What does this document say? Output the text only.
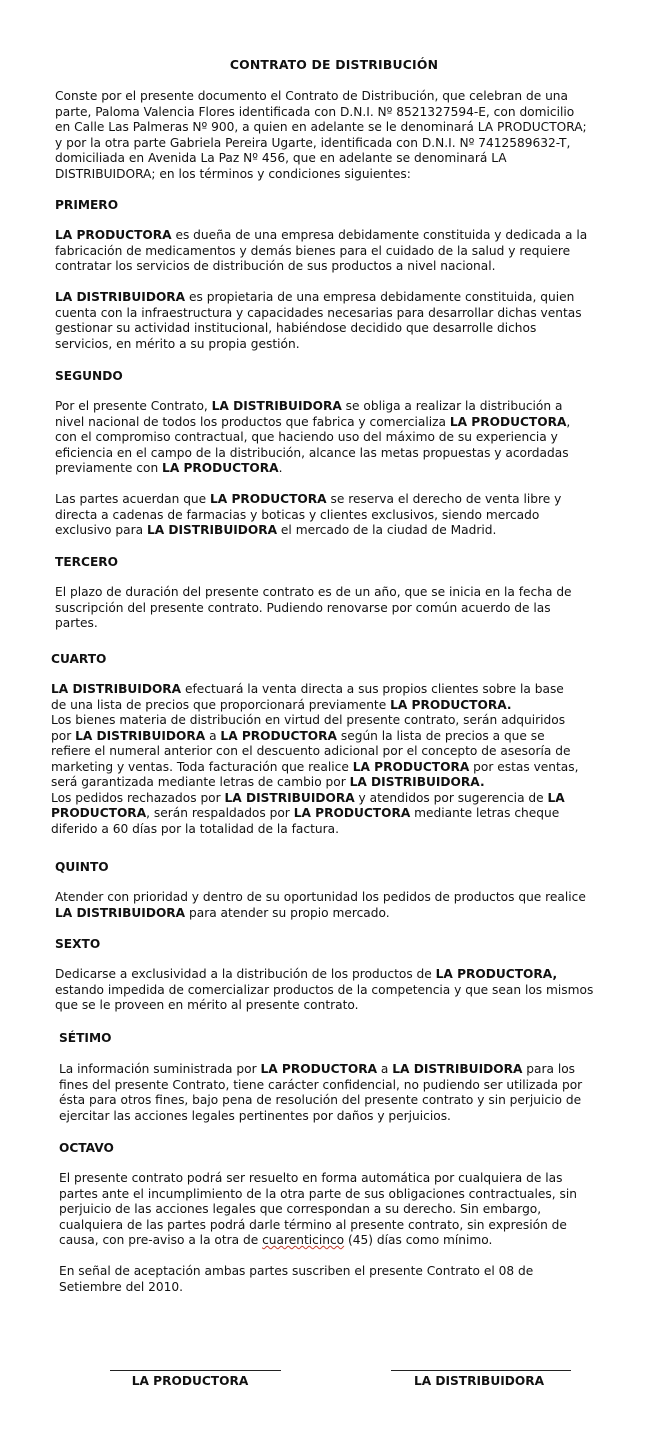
CONTRATO DE DISTRIBUCIÓN
Conste por el presente documento el Contrato de Distribución, que celebran de una
parte, Paloma Valencia Flores identificada con D.N.I. Nº 8521327594-E, con domicilio
en Calle Las Palmeras Nº 900, a quien en adelante se le denominará LA PRODUCTORA;
y por la otra parte Gabriela Pereira Ugarte, identificada con D.N.I. Nº 7412589632-T,
domiciliada en Avenida La Paz Nº 456, que en adelante se denominará LA
DISTRIBUIDORA; en los términos y condiciones siguientes:
PRIMERO
LA PRODUCTORA es dueña de una empresa debidamente constituida y dedicada a la
fabricación de medicamentos y demás bienes para el cuidado de la salud y requiere
contratar los servicios de distribución de sus productos a nivel nacional.
LA DISTRIBUIDORA es propietaria de una empresa debidamente constituida, quien
cuenta con la infraestructura y capacidades necesarias para desarrollar dichas ventas
gestionar su actividad institucional, habiéndose decidido que desarrolle dichos
servicios, en mérito a su propia gestión.
SEGUNDO
Por el presente Contrato, LA DISTRIBUIDORA se obliga a realizar la distribución a
nivel nacional de todos los productos que fabrica y comercializa LA PRODUCTORA,
con el compromiso contractual, que haciendo uso del máximo de su experiencia y
eficiencia en el campo de la distribución, alcance las metas propuestas y acordadas
previamente con LA PRODUCTORA.
Las partes acuerdan que LA PRODUCTORA se reserva el derecho de venta libre y
directa a cadenas de farmacias y boticas y clientes exclusivos, siendo mercado
exclusivo para LA DISTRIBUIDORA el mercado de la ciudad de Madrid.
TERCERO
El plazo de duración del presente contrato es de un año, que se inicia en la fecha de
suscripción del presente contrato. Pudiendo renovarse por común acuerdo de las
partes.
CUARTO
LA DISTRIBUIDORA efectuará la venta directa a sus propios clientes sobre la base
de una lista de precios que proporcionará previamente LA PRODUCTORA.
Los bienes materia de distribución en virtud del presente contrato, serán adquiridos
por LA DISTRIBUIDORA a LA PRODUCTORA según la lista de precios a que se
refiere el numeral anterior con el descuento adicional por el concepto de asesoría de
marketing y ventas. Toda facturación que realice LA PRODUCTORA por estas ventas,
será garantizada mediante letras de cambio por LA DISTRIBUIDORA.
Los pedidos rechazados por LA DISTRIBUIDORA y atendidos por sugerencia de LA
PRODUCTORA, serán respaldados por LA PRODUCTORA mediante letras cheque
diferido a 60 días por la totalidad de la factura.
QUINTO
Atender con prioridad y dentro de su oportunidad los pedidos de productos que realice
LA DISTRIBUIDORA para atender su propio mercado.
SEXTO
Dedicarse a exclusividad a la distribución de los productos de LA PRODUCTORA,
estando impedida de comercializar productos de la competencia y que sean los mismos
que se le proveen en mérito al presente contrato.
SÉTIMO
La información suministrada por LA PRODUCTORA a LA DISTRIBUIDORA para los
fines del presente Contrato, tiene carácter confidencial, no pudiendo ser utilizada por
ésta para otros fines, bajo pena de resolución del presente contrato y sin perjuicio de
ejercitar las acciones legales pertinentes por daños y perjuicios.
OCTAVO
El presente contrato podrá ser resuelto en forma automática por cualquiera de las
partes ante el incumplimiento de la otra parte de sus obligaciones contractuales, sin
perjuicio de las acciones legales que correspondan a su derecho. Sin embargo,
cualquiera de las partes podrá darle término al presente contrato, sin expresión de
causa, con pre-aviso a la otra de cuarenticinco (45) días como mínimo.
En señal de aceptación ambas partes suscriben el presente Contrato el 08 de
Setiembre del 2010.
LA PRODUCTORA	LA DISTRIBUIDORA
